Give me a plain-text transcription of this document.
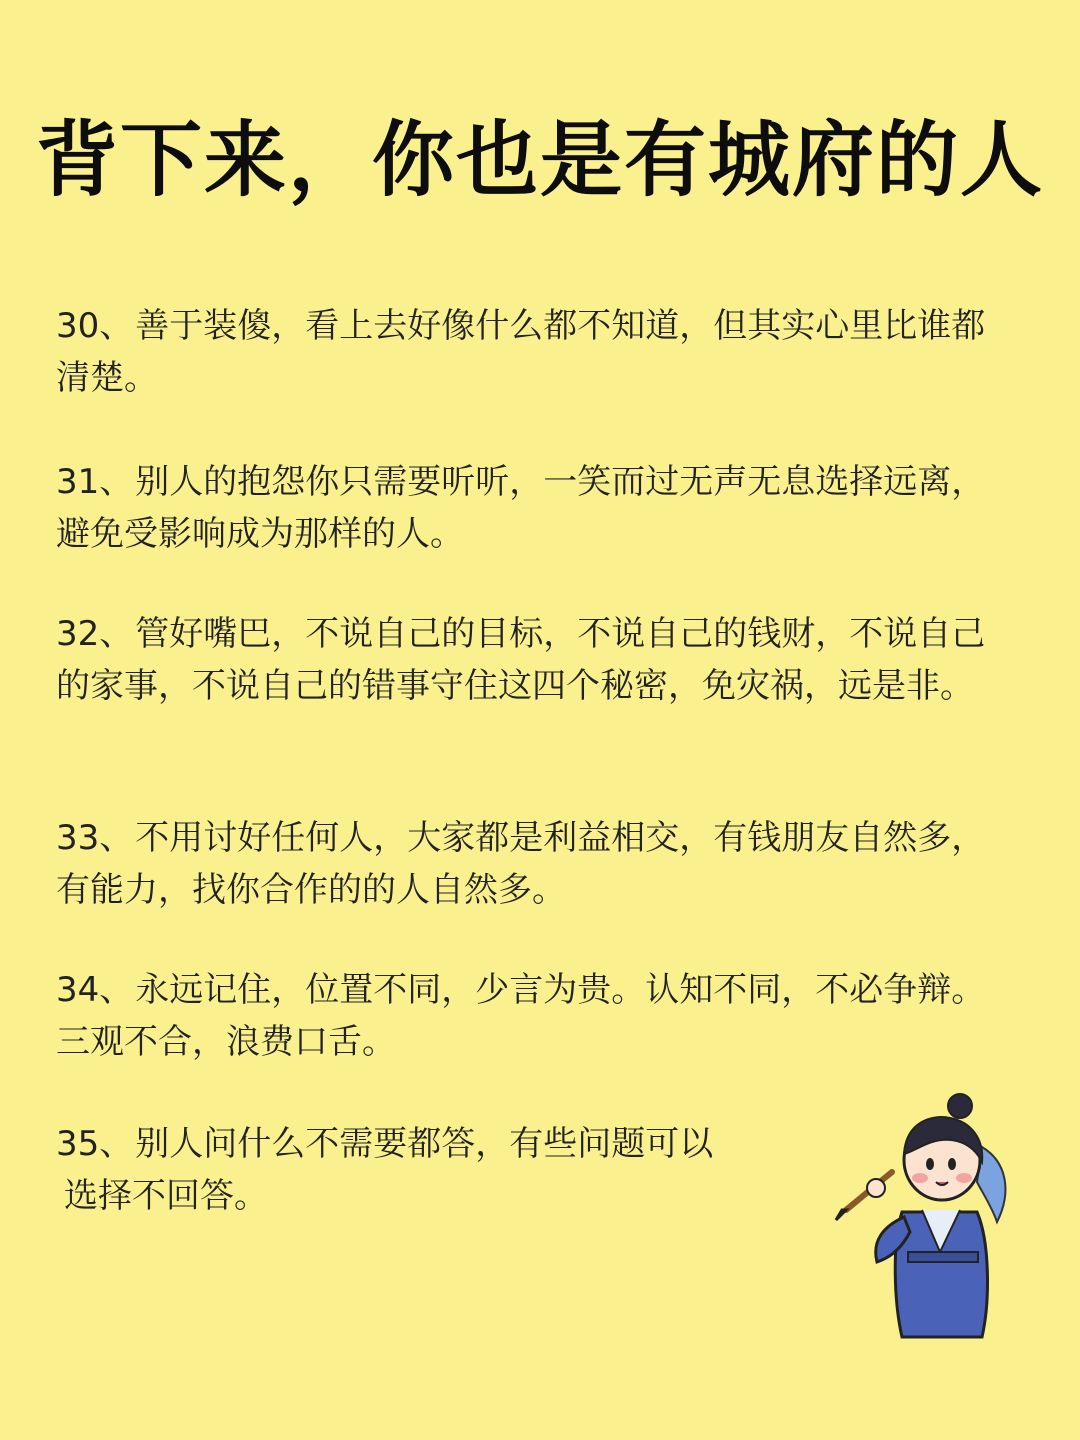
背下来，你也是有城府的人

30、善于装傻，看上去好像什么都不知道，但其实心里比谁都清楚。

31、别人的抱怨你只需要听听，一笑而过无声无息选择远离，避免受影响成为那样的人。

32、管好嘴巴，不说自己的目标，不说自己的钱财，不说自己的家事，不说自己的错事守住这四个秘密，免灾祸，远是非。

33、不用讨好任何人，大家都是利益相交，有钱朋友自然多，有能力，找你合作的的人自然多。

34、永远记住，位置不同，少言为贵。认知不同，不必争辩。三观不合，浪费口舌。

35、别人问什么不需要都答，有些问题可以
选择不回答。
